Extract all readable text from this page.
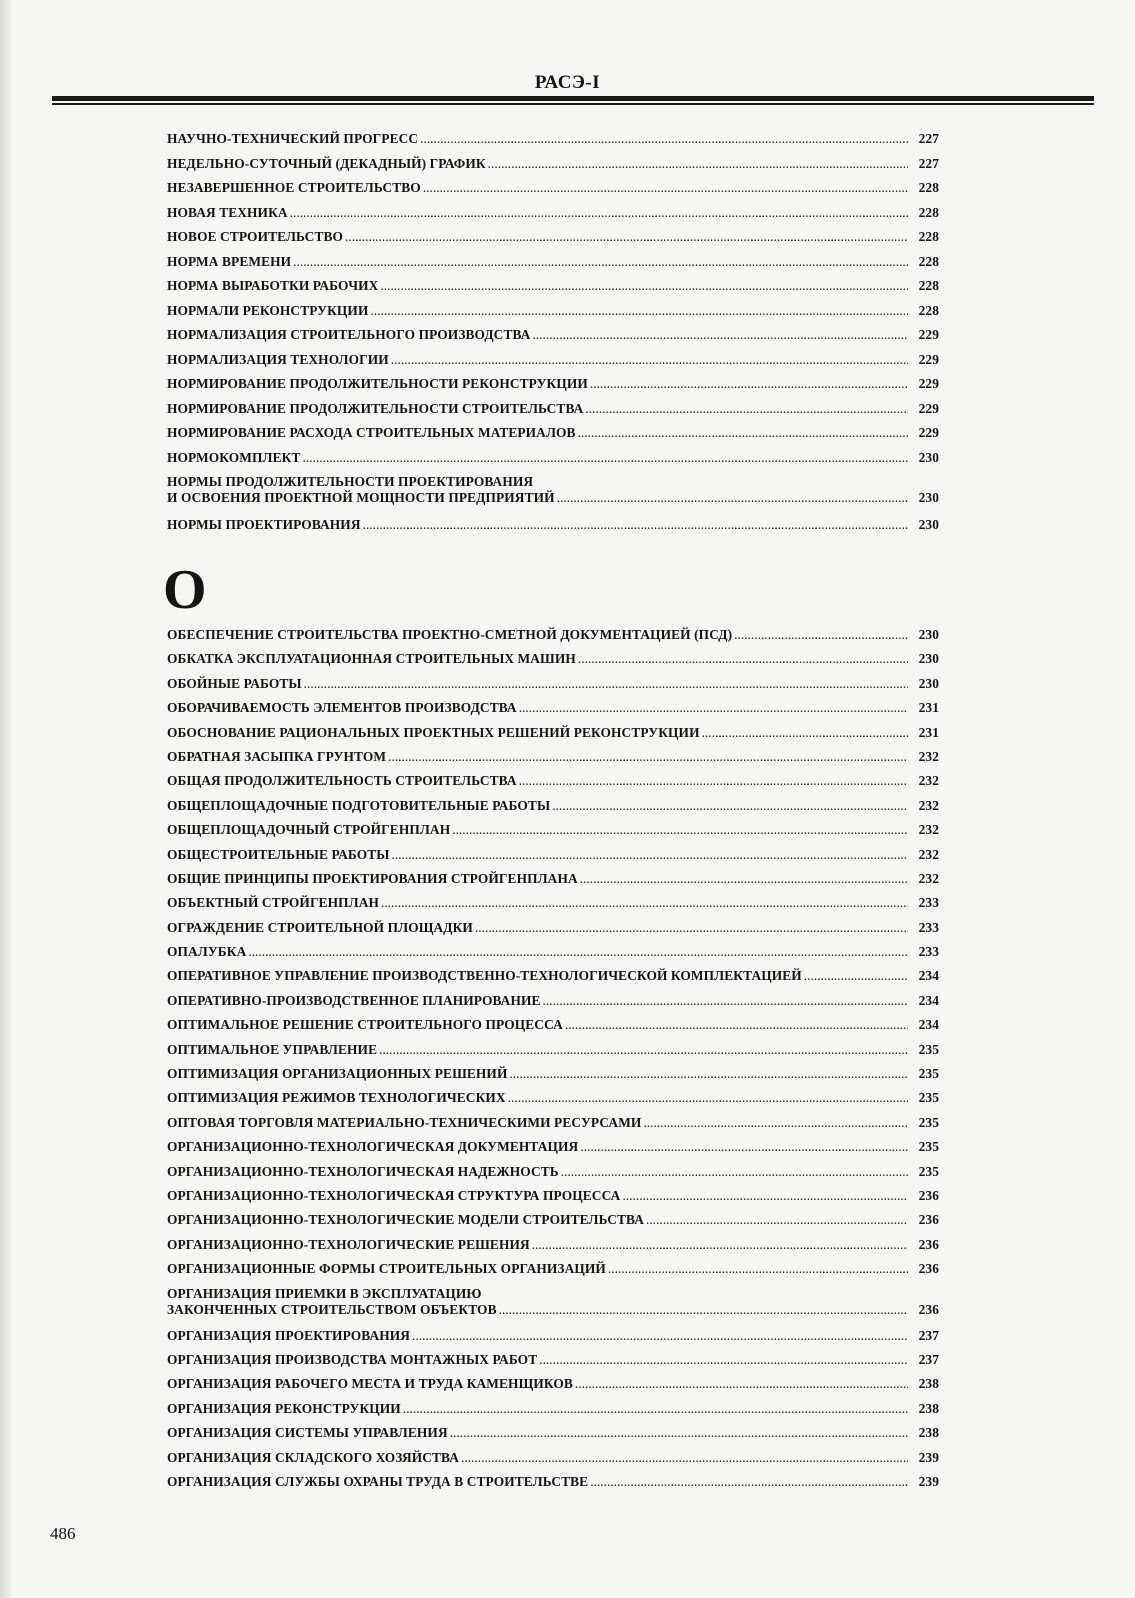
РАСЭ-I
НАУЧНО-ТЕХНИЧЕСКИЙ ПРОГРЕСС .....	227
НЕДЕЛЬНО-СУТОЧНЫЙ (ДЕКАДНЫЙ) ГРАФИК .....	227
НЕЗАВЕРШЕННОЕ СТРОИТЕЛЬСТВО .....	228
НОВАЯ ТЕХНИКА .....	228
НОВОЕ СТРОИТЕЛЬСТВО .....	228
НОРМА ВРЕМЕНИ .....	228
НОРМА ВЫРАБОТКИ РАБОЧИХ .....	228
НОРМАЛИ РЕКОНСТРУКЦИИ .....	228
НОРМАЛИЗАЦИЯ СТРОИТЕЛЬНОГО ПРОИЗВОДСТВА .....	229
НОРМАЛИЗАЦИЯ ТЕХНОЛОГИИ .....	229
НОРМИРОВАНИЕ ПРОДОЛЖИТЕЛЬНОСТИ РЕКОНСТРУКЦИИ .....	229
НОРМИРОВАНИЕ ПРОДОЛЖИТЕЛЬНОСТИ СТРОИТЕЛЬСТВА .....	229
НОРМИРОВАНИЕ РАСХОДА СТРОИТЕЛЬНЫХ МАТЕРИАЛОВ .....	229
НОРМОКОМПЛЕКТ .....	230
НОРМЫ ПРОДОЛЖИТЕЛЬНОСТИ ПРОЕКТИРОВАНИЯ
И ОСВОЕНИЯ ПРОЕКТНОЙ МОЩНОСТИ ПРЕДПРИЯТИЙ .....	230
НОРМЫ ПРОЕКТИРОВАНИЯ .....	230
О
ОБЕСПЕЧЕНИЕ СТРОИТЕЛЬСТВА ПРОЕКТНО-СМЕТНОЙ ДОКУМЕНТАЦИЕЙ (ПСД) .....	230
ОБКАТКА ЭКСПЛУАТАЦИОННАЯ СТРОИТЕЛЬНЫХ МАШИН .....	230
ОБОЙНЫЕ РАБОТЫ .....	230
ОБОРАЧИВАЕМОСТЬ ЭЛЕМЕНТОВ ПРОИЗВОДСТВА .....	231
ОБОСНОВАНИЕ РАЦИОНАЛЬНЫХ ПРОЕКТНЫХ РЕШЕНИЙ РЕКОНСТРУКЦИИ .....	231
ОБРАТНАЯ ЗАСЫПКА ГРУНТОМ .....	232
ОБЩАЯ ПРОДОЛЖИТЕЛЬНОСТЬ СТРОИТЕЛЬСТВА .....	232
ОБЩЕПЛОЩАДОЧНЫЕ ПОДГОТОВИТЕЛЬНЫЕ РАБОТЫ .....	232
ОБЩЕПЛОЩАДОЧНЫЙ СТРОЙГЕНПЛАН .....	232
ОБЩЕСТРОИТЕЛЬНЫЕ РАБОТЫ .....	232
ОБЩИЕ ПРИНЦИПЫ ПРОЕКТИРОВАНИЯ СТРОЙГЕНПЛАНА .....	232
ОБЪЕКТНЫЙ СТРОЙГЕНПЛАН .....	233
ОГРАЖДЕНИЕ СТРОИТЕЛЬНОЙ ПЛОЩАДКИ .....	233
ОПАЛУБКА .....	233
ОПЕРАТИВНОЕ УПРАВЛЕНИЕ ПРОИЗВОДСТВЕННО-ТЕХНОЛОГИЧЕСКОЙ КОМПЛЕКТАЦИЕЙ .....	234
ОПЕРАТИВНО-ПРОИЗВОДСТВЕННОЕ ПЛАНИРОВАНИЕ .....	234
ОПТИМАЛЬНОЕ РЕШЕНИЕ СТРОИТЕЛЬНОГО ПРОЦЕССА .....	234
ОПТИМАЛЬНОЕ УПРАВЛЕНИЕ .....	235
ОПТИМИЗАЦИЯ ОРГАНИЗАЦИОННЫХ РЕШЕНИЙ .....	235
ОПТИМИЗАЦИЯ РЕЖИМОВ ТЕХНОЛОГИЧЕСКИХ .....	235
ОПТОВАЯ ТОРГОВЛЯ МАТЕРИАЛЬНО-ТЕХНИЧЕСКИМИ РЕСУРСАМИ .....	235
ОРГАНИЗАЦИОННО-ТЕХНОЛОГИЧЕСКАЯ ДОКУМЕНТАЦИЯ .....	235
ОРГАНИЗАЦИОННО-ТЕХНОЛОГИЧЕСКАЯ НАДЕЖНОСТЬ .....	235
ОРГАНИЗАЦИОННО-ТЕХНОЛОГИЧЕСКАЯ СТРУКТУРА ПРОЦЕССА .....	236
ОРГАНИЗАЦИОННО-ТЕХНОЛОГИЧЕСКИЕ МОДЕЛИ СТРОИТЕЛЬСТВА .....	236
ОРГАНИЗАЦИОННО-ТЕХНОЛОГИЧЕСКИЕ РЕШЕНИЯ .....	236
ОРГАНИЗАЦИОННЫЕ ФОРМЫ СТРОИТЕЛЬНЫХ ОРГАНИЗАЦИЙ .....	236
ОРГАНИЗАЦИЯ ПРИЕМКИ В ЭКСПЛУАТАЦИЮ
ЗАКОНЧЕННЫХ СТРОИТЕЛЬСТВОМ ОБЪЕКТОВ .....	236
ОРГАНИЗАЦИЯ ПРОЕКТИРОВАНИЯ .....	237
ОРГАНИЗАЦИЯ ПРОИЗВОДСТВА МОНТАЖНЫХ РАБОТ .....	237
ОРГАНИЗАЦИЯ РАБОЧЕГО МЕСТА И ТРУДА КАМЕНЩИКОВ .....	238
ОРГАНИЗАЦИЯ РЕКОНСТРУКЦИИ .....	238
ОРГАНИЗАЦИЯ СИСТЕМЫ УПРАВЛЕНИЯ .....	238
ОРГАНИЗАЦИЯ СКЛАДСКОГО ХОЗЯЙСТВА .....	239
ОРГАНИЗАЦИЯ СЛУЖБЫ ОХРАНЫ ТРУДА В СТРОИТЕЛЬСТВЕ .....	239
486
